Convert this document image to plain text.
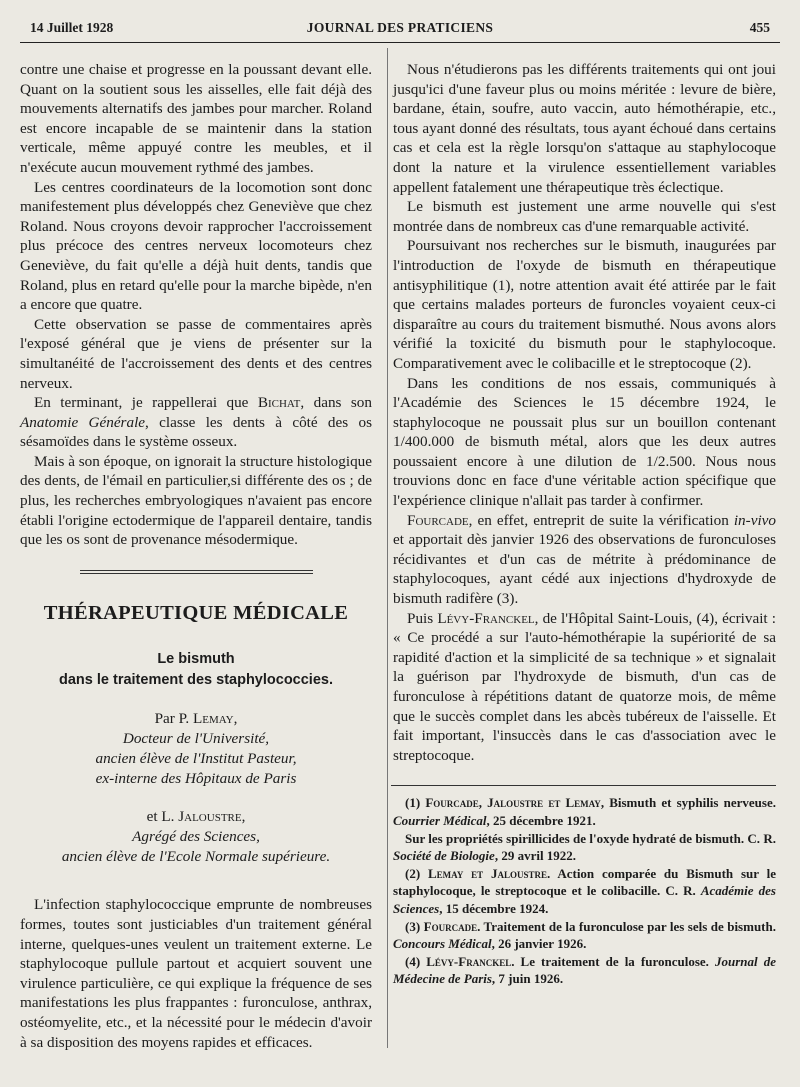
14 Juillet 1928	JOURNAL DES PRATICIENS	455

contre une chaise et progresse en la poussant devant elle. Quant on la soutient sous les aisselles, elle fait déjà des mouvements alternatifs des jambes pour marcher. Roland est encore incapable de se maintenir dans la station verticale, même appuyé contre les meubles, et il n'exécute aucun mouvement rythmé des jambes.

Les centres coordinateurs de la locomotion sont donc manifestement plus développés chez Geneviève que chez Roland. Nous croyons devoir rapprocher l'accroissement plus précoce des centres nerveux locomoteurs chez Geneviève, du fait qu'elle a déjà huit dents, tandis que Roland, plus en retard qu'elle pour la marche bipède, n'en a encore que quatre.

Cette observation se passe de commentaires après l'exposé général que je viens de présenter sur la simultanéité de l'accroissement des dents et des centres nerveux.

En terminant, je rappellerai que Bichat, dans son Anatomie Générale, classe les dents à côté des os sésamoïdes dans le système osseux.

Mais à son époque, on ignorait la structure histologique des dents, de l'émail en particulier,si différente des os ; de plus, les recherches embryologiques n'avaient pas encore établi l'origine ectodermique de l'appareil dentaire, tandis que les os sont de provenance mésodermique.

THÉRAPEUTIQUE MÉDICALE
Le bismuth
dans le traitement des staphylococcies.
Par P. Lemay,
Docteur de l'Université,
ancien élève de l'Institut Pasteur,
ex-interne des Hôpitaux de Paris
et L. Jaloustre,
Agrégé des Sciences,
ancien élève de l'Ecole Normale supérieure.

L'infection staphylococcique emprunte de nombreuses formes, toutes sont justiciables d'un traitement général interne, quelques-unes veulent un traitement externe. Le staphylocoque pullule partout et acquiert souvent une virulence particulière, ce qui explique la fréquence de ses manifestations les plus frappantes : furonculose, anthrax, ostéomyelite, etc., et la nécessité pour le médecin d'avoir à sa disposition des moyens rapides et efficaces.

Nous n'étudierons pas les différents traitements qui ont joui jusqu'ici d'une faveur plus ou moins méritée : levure de bière, bardane, étain, soufre, auto vaccin, auto hémothérapie, etc., tous ayant donné des résultats, tous ayant échoué dans certains cas et cela est la règle lorsqu'on s'attaque au staphylocoque dont la nature et la virulence essentiellement variables appellent fatalement une thérapeutique très éclectique.

Le bismuth est justement une arme nouvelle qui s'est montrée dans de nombreux cas d'une remarquable activité.

Poursuivant nos recherches sur le bismuth, inaugurées par l'introduction de l'oxyde de bismuth en thérapeutique antisyphilitique (1), notre attention avait été attirée par le fait que certains malades porteurs de furoncles voyaient ceux-ci disparaître au cours du traitement bismuthé. Nous avons alors vérifié la toxicité du bismuth pour le staphylocoque. Comparativement avec le colibacille et le streptocoque (2).

Dans les conditions de nos essais, communiqués à l'Académie des Sciences le 15 décembre 1924, le staphylocoque ne poussait plus sur un bouillon contenant 1/400.000 de bismuth métal, alors que les deux autres poussaient encore à une dilution de 1/2.500. Nous nous trouvions donc en face d'une véritable action spécifique que l'expérience clinique n'allait pas tarder à confirmer.

Fourcade, en effet, entreprit de suite la vérification in-vivo et apportait dès janvier 1926 des observations de furonculoses récidivantes et d'un cas de métrite à prédominance de staphylocoques, ayant cédé aux injections d'hydroxyde de bismuth radifère (3).

Puis Lévy-Franckel, de l'Hôpital Saint-Louis, (4), écrivait : « Ce procédé a sur l'auto-hémothérapie la supériorité de sa rapidité d'action et la simplicité de sa technique » et signalait la guérison par l'hydroxyde de bismuth, d'un cas de furonculose à répétitions datant de quatorze mois, de même que le succès complet dans les abcès tubéreux de l'aisselle. Et fait important, l'insuccès dans le cas d'association avec le streptocoque.

(1) Fourcade, Jaloustre et Lemay, Bismuth et syphilis nerveuse. Courrier Médical, 25 décembre 1921.

Sur les propriétés spirillicides de l'oxyde hydraté de bismuth. C. R. Société de Biologie, 29 avril 1922.

(2) Lemay et Jaloustre. Action comparée du Bismuth sur le staphylocoque, le streptocoque et le colibacille. C. R. Académie des Sciences, 15 décembre 1924.

(3) Fourcade. Traitement de la furonculose par les sels de bismuth. Concours Médical, 26 janvier 1926.

(4) Lévy-Franckel. Le traitement de la furonculose. Journal de Médecine de Paris, 7 juin 1926.
